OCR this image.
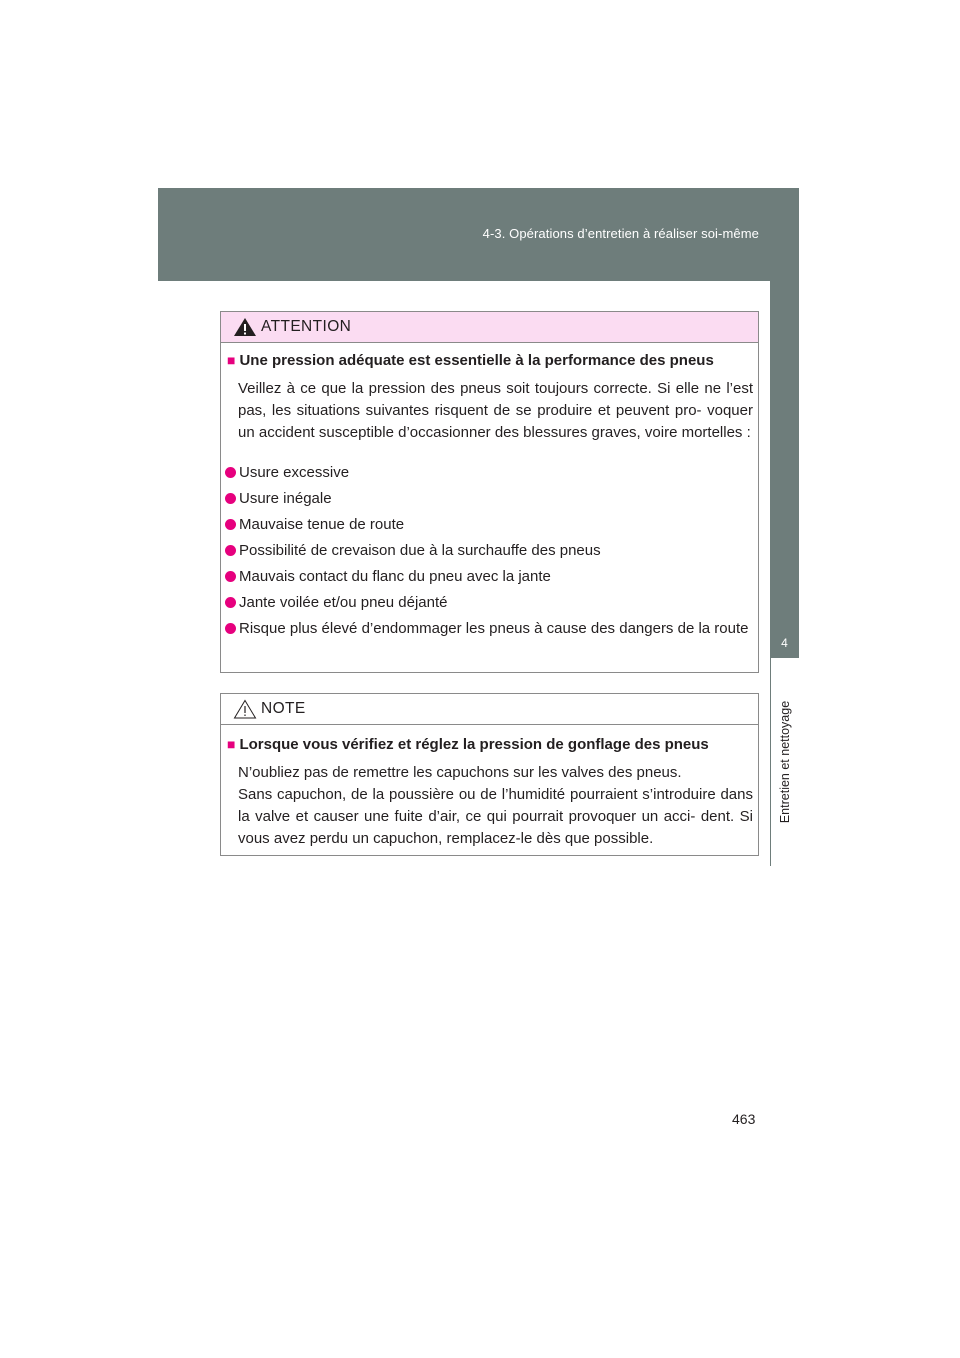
4-3. Opérations d’entretien à réaliser soi-même
4
Entretien et nettoyage
ATTENTION
■ Une pression adéquate est essentielle à la performance des pneus
Veillez à ce que la pression des pneus soit toujours correcte. Si elle ne l’est pas, les situations suivantes risquent de se produire et peuvent pro- voquer un accident susceptible d’occasionner des blessures graves, voire mortelles :
Usure excessive
Usure inégale
Mauvaise tenue de route
Possibilité de crevaison due à la surchauffe des pneus
Mauvais contact du flanc du pneu avec la jante
Jante voilée et/ou pneu déjanté
Risque plus élevé d’endommager les pneus à cause des dangers de la route
NOTE
■ Lorsque vous vérifiez et réglez la pression de gonflage des pneus
N’oubliez pas de remettre les capuchons sur les valves des pneus.
Sans capuchon, de la poussière ou de l’humidité pourraient s’introduire dans la valve et causer une fuite d’air, ce qui pourrait provoquer un acci- dent. Si vous avez perdu un capuchon, remplacez-le dès que possible.
463
